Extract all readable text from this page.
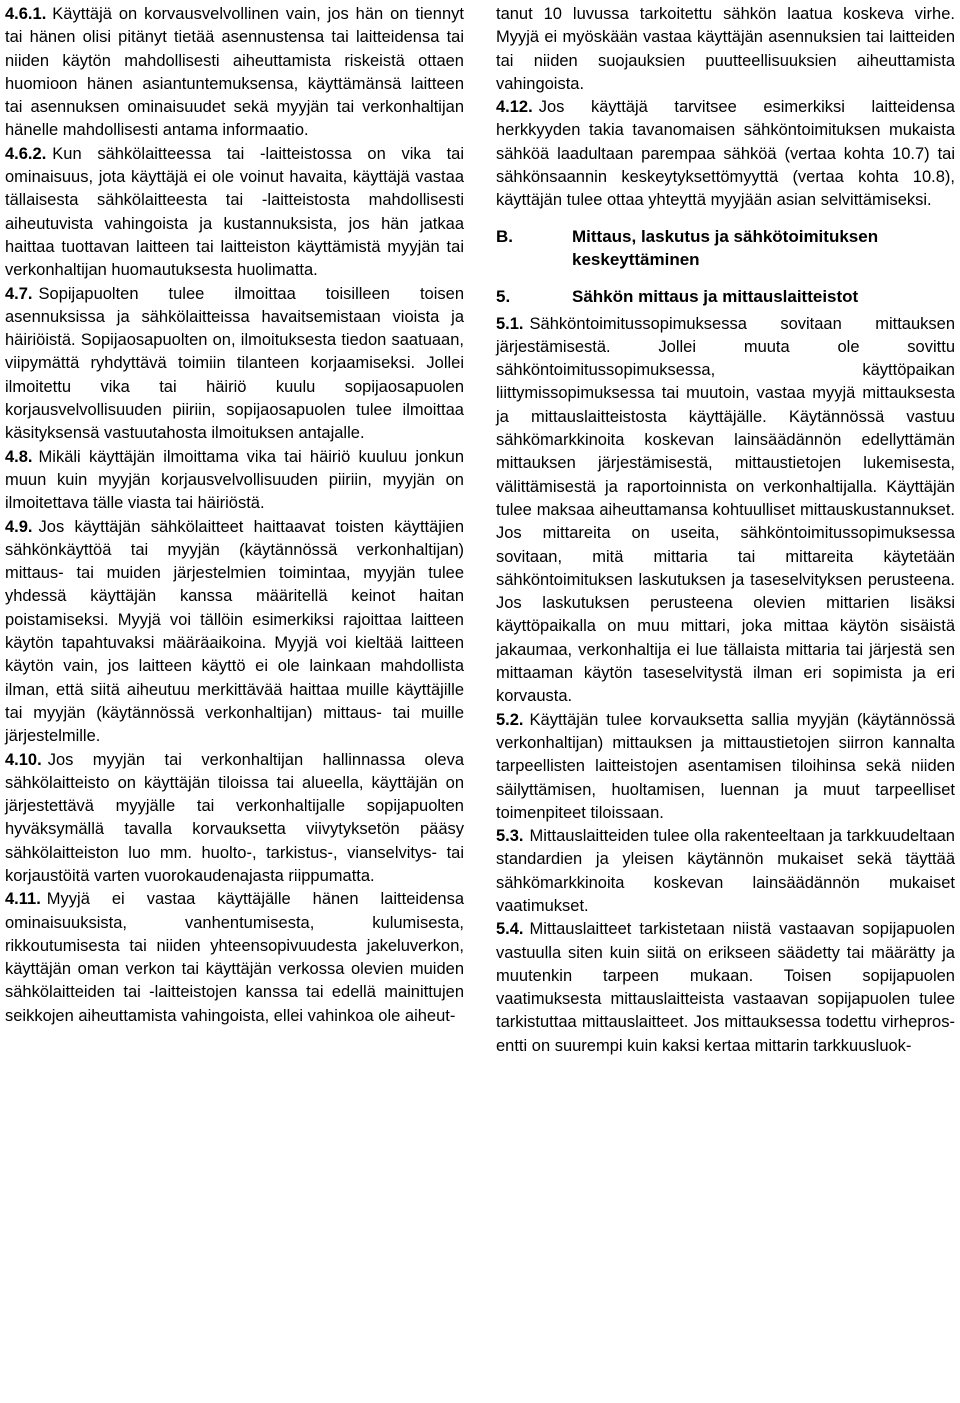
4.6.1. Käyttäjä on korvausvelvollinen vain, jos hän on tiennyt tai hänen olisi pitänyt tietää asennustensa tai laitteidensa tai niiden käytön mahdollisesti aiheuttamista riskeistä ottaen huomioon hänen asiantuntemuksensa, käyttämänsä laitteen tai asennuksen ominaisuudet sekä myyjän tai verkonhaltijan hänelle mahdollisesti antama informaatio.

4.6.2. Kun sähkölaitteessa tai -laitteistossa on vika tai ominaisuus, jota käyttäjä ei ole voinut havaita, käyttäjä vastaa tällaisesta sähkölaitteesta tai -laitteistosta mahdollisesti aiheutuvista vahingoista ja kustannuksista, jos hän jatkaa haittaa tuottavan laitteen tai laitteiston käyttämistä myyjän tai verkonhaltijan huomautuksesta huolimatta.

4.7. Sopijapuolten tulee ilmoittaa toisilleen toisen asennuksissa ja sähkölaitteissa havaitsemistaan vioista ja häiriöistä. Sopijaosapuolten on, ilmoituksesta tiedon saatuaan, viipymättä ryhdyttävä toimiin tilanteen korjaamiseksi. Jollei ilmoitettu vika tai häiriö kuulu sopijaosapuolen korjausvelvollisuuden piiriin, sopijaosapuolen tulee ilmoittaa käsityksensä vastuutahosta ilmoituksen antajalle.

4.8. Mikäli käyttäjän ilmoittama vika tai häiriö kuuluu jonkun muun kuin myyjän korjausvelvollisuuden piiriin, myyjän on ilmoitettava tälle viasta tai häiriöstä.

4.9. Jos käyttäjän sähkölaitteet haittaavat toisten käyttäjien sähkönkäyttöä tai myyjän (käytännössä verkonhaltijan) mittaus- tai muiden järjestelmien toimintaa, myyjän tulee yhdessä käyttäjän kanssa määritellä keinot haitan poistamiseksi. Myyjä voi tällöin esimerkiksi rajoittaa laitteen käytön tapahtuvaksi määräaikoina. Myyjä voi kieltää laitteen käytön vain, jos laitteen käyttö ei ole lainkaan mahdollista ilman, että siitä aiheutuu merkittävää haittaa muille käyttäjille tai myyjän (käytännössä verkonhaltijan) mittaus- tai muille järjestelmille.

4.10. Jos myyjän tai verkonhaltijan hallinnassa oleva sähkölaitteisto on käyttäjän tiloissa tai alueella, käyttäjän on järjestettävä myyjälle tai verkonhaltijalle sopijapuolten hyväksymällä tavalla korvauksetta viivytyksetön pääsy sähkölaitteiston luo mm. huolto-, tarkistus-, vianselvitys- tai korjaustöitä varten vuorokaudenajasta riippumatta.

4.11. Myyjä ei vastaa käyttäjälle hänen laitteidensa ominaisuuksista, vanhentumisesta, kulumisesta, rikkoutumisesta tai niiden yhteensopivuudesta jakeluverkon, käyttäjän oman verkon tai käyttäjän verkossa olevien muiden sähkölaitteiden tai -laitteistojen kanssa tai edellä mainittujen seikkojen aiheuttamista vahingoista, ellei vahinkoa ole aiheut-

tanut 10 luvussa tarkoitettu sähkön laatua koskeva virhe. Myyjä ei myöskään vastaa käyttäjän asennuksien tai laitteiden tai niiden suojauksien puutteellisuuksien aiheuttamista vahingoista.

4.12. Jos käyttäjä tarvitsee esimerkiksi laitteidensa herkkyyden takia tavanomaisen sähköntoimituksen mukaista sähköä laadultaan parempaa sähköä (vertaa kohta 10.7) tai sähkönsaannin keskeytyksettömyyttä (vertaa kohta 10.8), käyttäjän tulee ottaa yhteyttä myyjään asian selvittämiseksi.

B.	Mittaus, laskutus ja sähkötoimituksen keskeyttäminen
5.	Sähkön mittaus ja mittauslaitteistot

5.1. Sähköntoimitussopimuksessa sovitaan mittauksen järjestämisestä. Jollei muuta ole sovittu sähköntoimitussopimuksessa, käyttöpaikan liittymissopimuksessa tai muutoin, vastaa myyjä mittauksesta ja mittauslaitteistosta käyttäjälle. Käytännössä vastuu sähkömarkkinoita koskevan lainsäädännön edellyttämän mittauksen järjestämisestä, mittaustietojen lukemisesta, välittämisestä ja raportoinnista on verkonhaltijalla. Käyttäjän tulee maksaa aiheuttamansa kohtuulliset mittauskustannukset. Jos mittareita on useita, sähköntoimitussopimuksessa sovitaan, mitä mittaria tai mittareita käytetään sähköntoimituksen laskutuksen ja taseselvityksen perusteena. Jos laskutuksen perusteena olevien mittarien lisäksi käyttöpaikalla on muu mittari, joka mittaa käytön sisäistä jakaumaa, verkonhaltija ei lue tällaista mittaria tai järjestä sen mittaaman käytön taseselvitystä ilman eri sopimista ja eri korvausta.

5.2. Käyttäjän tulee korvauksetta sallia myyjän (käytännössä verkonhaltijan) mittauksen ja mittaustietojen siirron kannalta tarpeellisten laitteistojen asentamisen tiloihinsa sekä niiden säilyttämisen, huoltamisen, luennan ja muut tarpeelliset toimenpiteet tiloissaan.

5.3. Mittauslaitteiden tulee olla rakenteeltaan ja tarkkuudeltaan standardien ja yleisen käytännön mukaiset sekä täyttää sähkömarkkinoita koskevan lainsäädännön mukaiset vaatimukset.

5.4. Mittauslaitteet tarkistetaan niistä vastaavan sopijapuolen vastuulla siten kuin siitä on erikseen säädetty tai määrätty ja muutenkin tarpeen mukaan. Toisen sopijapuolen vaatimuksesta mittauslaitteista vastaavan sopijapuolen tulee tarkistuttaa mittauslaitteet. Jos mittauksessa todettu virheprosentti on suurempi kuin kaksi kertaa mittarin tarkkuusluok-
